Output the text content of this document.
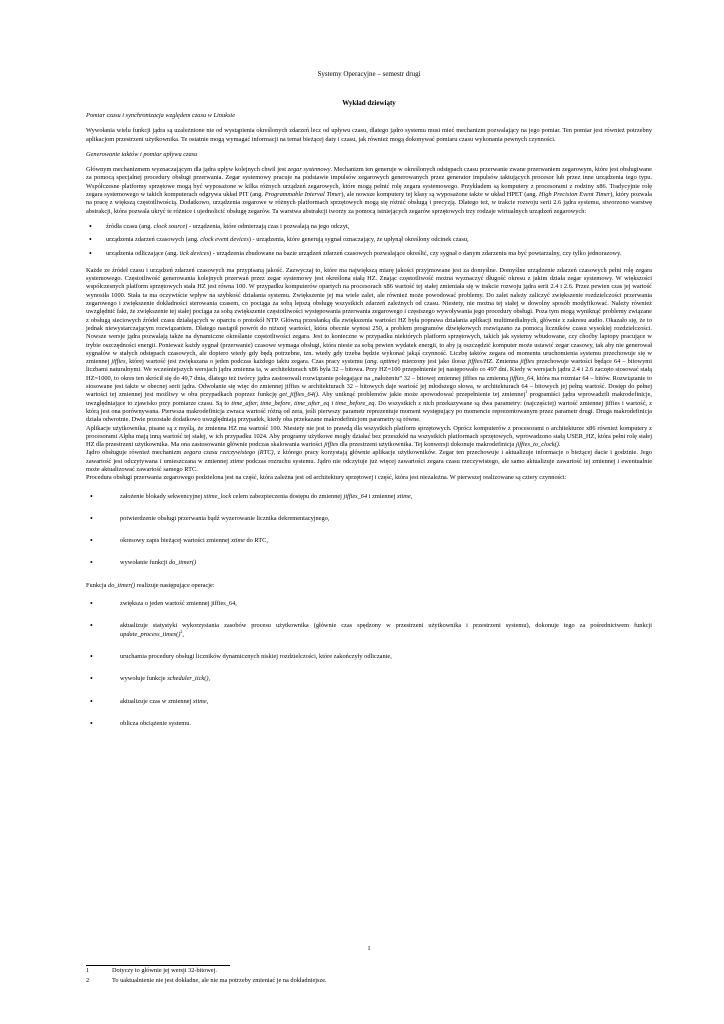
Systemy Operacyjne – semestr drugi
Wykład dziewiąty

Pomiar czasu i synchronizacja względem czasu w Linuksie

Wywołania wielu funkcji jądra są uzależnione nie od wystąpienia określonych zdarzeń lecz od upływu czasu, dlatego jądro systemu musi mieć mechanizm pozwalający na jego pomiar. Ten pomiar jest również potrzebny aplikacjom przestrzeni użytkownika. Te ostatnie mogą wymagać informacji na temat bieżącej daty i czasu, jak również mogą dokonywać pomiaru czasu wykonania pewnych czynności.

Generowanie taktów i pomiar upływu czasu

Głównym mechanizmem wyznaczającym dla jądra upływ kolejnych chwil jest zegar systemowy. Mechanizm ten generuje w określonych odstępach czasu przerwanie zwane przerwaniem zegarowym, które jest obsługiwane za pomocą specjalnej procedury obsługi przerwania. Zegar systemowy pracuje na podstawie impulsów zegarowych generowanych przez generator impulsów taktujących procesor lub przez inne urządzenia tego typu. Współczesne platformy sprzętowe mogą być wyposażone w kilka różnych urządzeń zegarowych, które mogą pełnić rolę zegara systemowego. Przykładem są komputery z procesorami z rodziny x86. Tradycyjnie rolę zegara systemowego w takich komputerach odgrywa układ PIT (ang. Programmable Interval Timer), ale nowsze komputery tej klasy są wyposażone także w układ HPET (ang. High Precision Event Timer), który pozwala na pracę z większą częstotliwością. Dodatkowo, urządzenia zegarowe w różnych platformach sprzętowych mogą się różnić obsługą i precyzją. Dlatego też, w trakcie rozwoju serii 2.6 jądra systemu, stworzono warstwę abstrakcji, która pozwala ukryć te różnice i ujednolicić obsługę zegarów. Ta warstwa abstrakcji tworzy za pomocą istniejących zegarów sprzętowych trzy rodzaje wirtualnych urządzeń zegarowych:

• źródła czasu (ang. clock source) - urządzenia, które odmierzają czas i pozwalają na jego odczyt,
• urządzenia zdarzeń czasowych (ang. clock event devices) - urządzenia, które generują sygnał oznaczający, że upłynął określony odcinek czasu,
• urządzenia odliczające (ang. tick devices) - urządzenia zbudowane na bazie urządzeń zdarzeń czasowych pozwalające określić, czy sygnał o danym zdarzeniu ma być powtarzalny, czy tylko jednorazowy.

Każde ze źródeł czasu i urządzeń zdarzeń czasowych ma przypisaną jakość. Zazwyczaj to, które ma największą miarę jakości przyjmowane jest za domyślne. Domyślne urządzenie zdarzeń czasowych pełni rolę zegara systemowego. Częstotliwość generowania kolejnych przerwań przez zegar systemowy jest określona stałą HZ. Znając częstotliwość można wyznaczyć długość okresu z jakim działa zegar systemowy. W większości współczesnych platform sprzętowych stała HZ jest równa 100. W przypadku komputerów opartych na procesorach x86 wartość tej stałej zmieniała się w trakcie rozwoju jądra serii 2.4 i 2.6. Przez pewien czas jej wartość wynosiła 1000. Stała ta ma oczywiście wpływ na szybkość działania systemu. Zwiększenie jej ma wiele zalet, ale również może powodować problemy. Do zalet należy zaliczyć zwiększenie rozdzielczości przerwania zegarowego i zwiększenie dokładności sterowania czasem, co pociąga za sobą lepszą obsługę wszystkich zdarzeń zależnych od czasu. Niestety, nie można tej stałej w dowolny sposób modyfikować. Należy również uwzględnić fakt, że zwiększenie tej stałej pociąga za sobą zwiększenie częstotliwości występowania przerwania zegarowego i częstszego wywoływania jego procedury obsługi. Poza tym mogą wyniknąć problemy związane z obsługą sieciowych źródeł czasu działających w oparciu o protokół NTP. Główną przesłanką dla zwiększenia wartości HZ była poprawa działania aplikacji multimedialnych, głównie z zakresu audio. Okazało się, że to jednak niewystarczającym rozwiązaniem. Dlatego nastąpił powrót do niższej wartości, która obecnie wynosi 250, a problem programów dźwiękowych rozwiązano za pomocą liczników czasu wysokiej rozdzielczości. Nowsze wersje jądra pozwalają także na dynamiczne określanie częstotliwości zegara. Jest to konieczne w przypadku niektórych platform sprzętowych, takich jak systemy wbudowane, czy choćby laptopy pracujące w trybie oszczędności energii. Ponieważ każdy sygnał (przerwanie) czasowe wymaga obsługi, która niesie za sobą pewien wydatek energii, to aby ją oszczędzić komputer może ustawić zegar czasowy, tak aby nie generował sygnałów w stałych odstępach czasowych, ale dopiero wtedy gdy będą potrzebne, tzn. wtedy gdy trzeba będzie wykonać jakąś czynność. Liczbę taktów zegara od momentu uruchomienia systemu przechowuje się w zmiennej jiffies, której wartość jest zwiększana o jeden podczas każdego taktu zegara. Czas pracy systemu (ang. uptime) mierzony jest jako iloraz jiffies/HZ. Zmienna jiffies przechowuje wartości będące 64 – bitowymi liczbami naturalnymi. We wcześniejszych wersjach jądra zmienna ta, w architekturach x86 była 32 – bitowa. Przy HZ=100 przepełnienie jej następowało co 497 dni. Kiedy w wersjach jądra 2.4 i 2.6 zaczęto stosować stałą HZ=1000, to okres ten skrócił się do 49,7 dnia, dlatego też twórcy jądra zastosowali rozwiązanie polegające na „nałożeniu” 32 – bitowej zmiennej jiffies na zmienną jiffies_64, która ma rozmiar 64 – bitów. Rozwiązanie to stosowane jest także w obecnej serii jądra. Odwołanie się więc do zmiennej jiffies w architekturach 32 – bitowych daje wartość jej młodszego słowa, w architekturach 64 – bitowych jej pełną wartość. Dostęp do pełnej wartości tej zmiennej jest możliwy w obu przypadkach poprzez funkcję get_jiffies_64(). Aby uniknąć problemów jakie może spowodować przepełnienie tej zmiennej$^1$ programiści jądra wprowadzili makrodefinicje, uwzględniające to zjawisko przy pomiarze czasu. Są to time_after, time_before, time_after_eq i time_before_eq. Do wszystkich z nich przekazywane są dwa parametry: (najczęściej) wartość zmiennej jiffies i wartość, z którą jest ona porównywana. Pierwsza makrodefinicja zwraca wartość różną od zera, jeśli pierwszy parametr reprezentuje moment występujący po momencie reprezentowanym przez parametr drugi. Druga makrodefinicja działa odwrotnie. Dwie pozostałe dodatkowo uwzględniają przypadek, kiedy oba przekazane makrodefinicjom parametry są równe.

Aplikacje użytkownika, pisane są z myślą, że zmienna HZ ma wartość 100. Niestety nie jest to prawdą dla wszystkich platform sprzętowych. Oprócz komputerów z procesorami o architekturze x86 również komputery z procesorami Alpha mają inną wartość tej stałej, w ich przypadku 1024. Aby programy użytkowe mogły działać bez przeszkód na wszystkich platformach sprzętowych, wprowadzono stałą USER_HZ, która pełni rolę stałej HZ dla przestrzeni użytkownika. Ma ona zastosowanie głównie podczas skalowania wartości jiffies dla przestrzeni użytkownika. Tej konwersji dokonuje makrodefinicja jiffies_to_clock().

Jądro obsługuje również mechanizm zegara czasu rzeczywistego (RTC), z którego pracy korzystają głównie aplikacje użytkowników. Zegar ten przechowuje i aktualizuje informacje o bieżącej dacie i godzinie. Jego zawartość jest odczytywana i umieszczana w zmiennej xtime podczas rozruchu systemu. Jądro nie odczytuje już więcej zawartości zegara czasu rzeczywistego, ale samo aktualizuje zawartość tej zmiennej i ewentualnie może aktualizować zawartość samego RTC.

Procedura obsługi przerwania zegarowego podzielona jest na część, która zależna jest od architektury sprzętowej i część, która jest niezależna. W pierwszej realizowane są cztery czynności:

• założenie blokady sekwencyjnej xtime_lock celem zabezpieczenia dostępu do zmiennej jiffies_64 i zmiennej xtime,
• potwierdzenie obsługi przerwania bądź wyzerowanie licznika dekrementacyjnego,
• okresowy zapis bieżącej wartości zmiennej xtime do RTC,
• wywołanie funkcji do_timer()

Funkcja do_timer() realizuje następujące operacje:

• zwiększa o jeden wartość zmiennej jiffies_64,
• aktualizuje statystyki wykorzystania zasobów procesu użytkownika (głównie czas spędzony w przestrzeni użytkownika i przestrzeni systemu), dokonuje tego za pośrednictwem funkcji update_process_times()$^2$,
• uruchamia procedury obsługi liczników dynamicznych niskiej rozdzielczości, które zakończyły odliczanie,
• wywołuje funkcje scheduler_tick(),
• aktualizuje czas w zmiennej xtime,
• oblicza obciążenie systemu.
1
1	Dotyczy to głównie jej wersji 32-bitowej.
2	To uaktualnienie nie jest dokładne, ale nie ma potrzeby zmieniać je na dokładniejsze.
